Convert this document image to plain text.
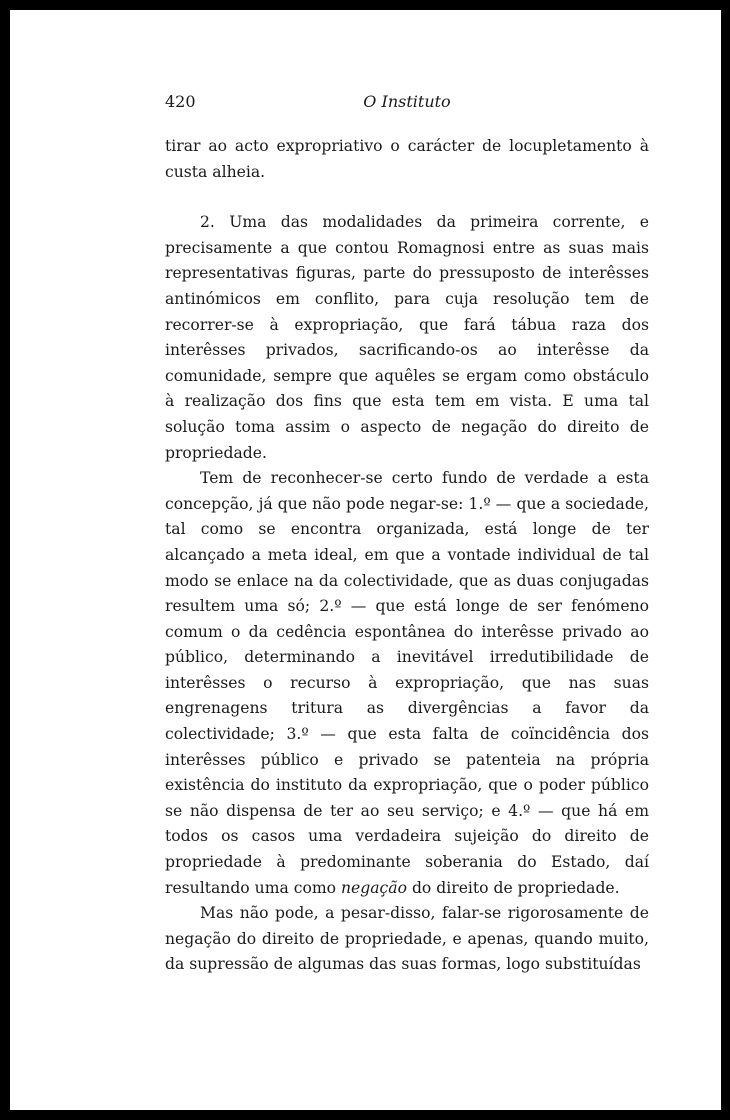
420	O Instituto

tirar ao acto expropriativo o carácter de locupletamento à custa alheia.

2. Uma das modalidades da primeira corrente, e precisamente a que contou Romagnosi entre as suas mais representativas figuras, parte do pressuposto de interêsses antinómicos em conflito, para cuja resolução tem de recorrer-se à expropriação, que fará tábua raza dos interêsses privados, sacrificando-os ao interêsse da comunidade, sempre que aquêles se ergam como obstáculo à realização dos fins que esta tem em vista. E uma tal solução toma assim o aspecto de negação do direito de propriedade.

Tem de reconhecer-se certo fundo de verdade a esta concepção, já que não pode negar-se: 1.º — que a sociedade, tal como se encontra organizada, está longe de ter alcançado a meta ideal, em que a vontade individual de tal modo se enlace na da colectividade, que as duas conjugadas resultem uma só; 2.º — que está longe de ser fenómeno comum o da cedência espontânea do interêsse privado ao público, determinando a inevitável irredutibilidade de interêsses o recurso à expropriação, que nas suas engrenagens tritura as divergências a favor da colectividade; 3.º — que esta falta de coïncidência dos interêsses público e privado se patenteia na própria existência do instituto da expropriação, que o poder público se não dispensa de ter ao seu serviço; e 4.º — que há em todos os casos uma verdadeira sujeição do direito de propriedade à predominante soberania do Estado, daí resultando uma como negação do direito de propriedade.

Mas não pode, a pesar-disso, falar-se rigorosamente de negação do direito de propriedade, e apenas, quando muito, da supressão de algumas das suas formas, logo substituídas
